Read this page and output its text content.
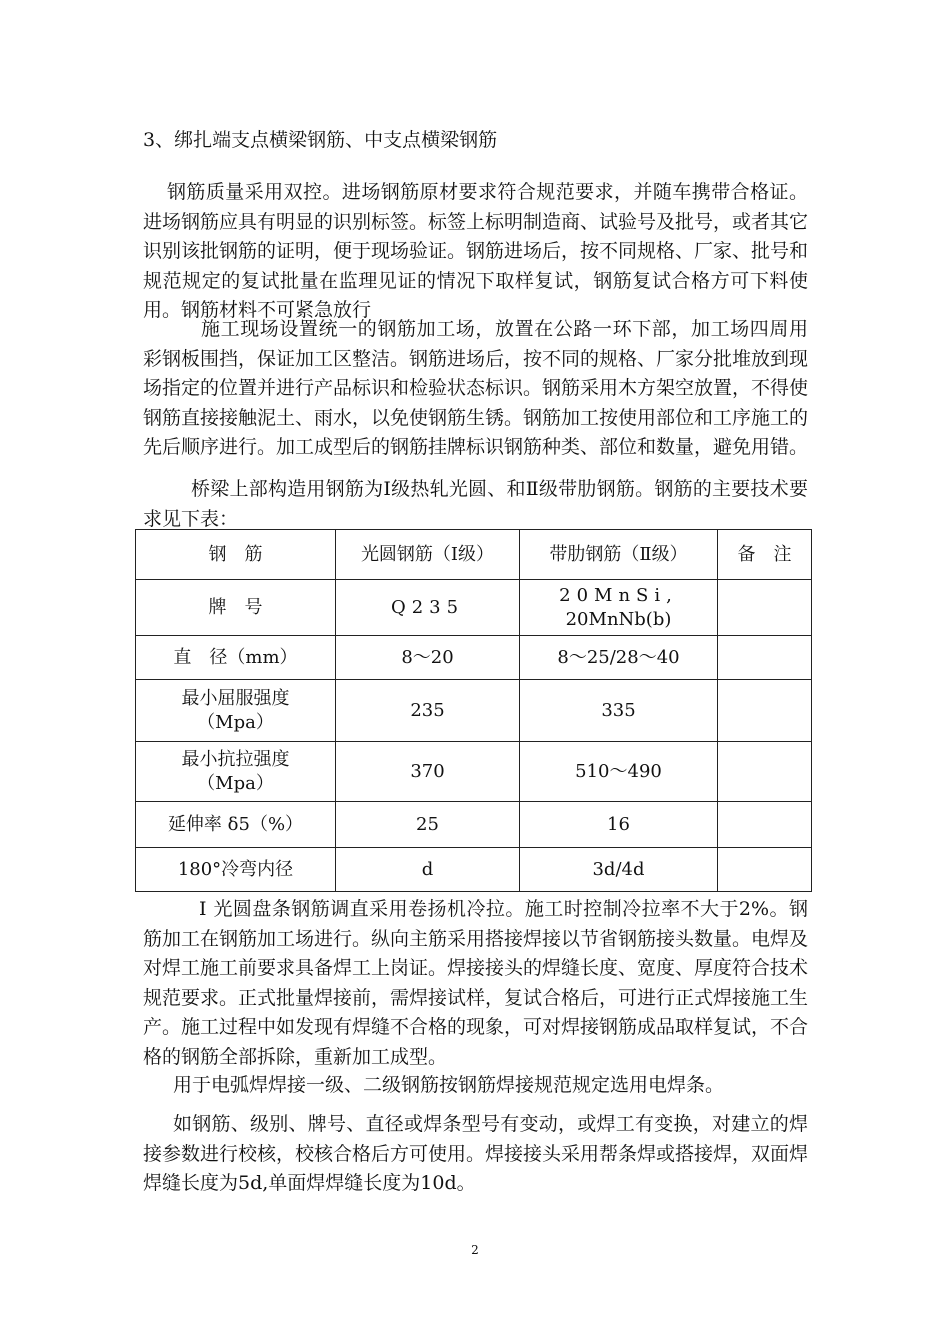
3、绑扎端支点横梁钢筋、中支点横梁钢筋

钢筋质量采用双控。进场钢筋原材要求符合规范要求，并随车携带合格证。进场钢筋应具有明显的识别标签。标签上标明制造商、试验号及批号，或者其它识别该批钢筋的证明，便于现场验证。钢筋进场后，按不同规格、厂家、批号和规范规定的复试批量在监理见证的情况下取样复试，钢筋复试合格方可下料使用。钢筋材料不可紧急放行

施工现场设置统一的钢筋加工场，放置在公路一环下部，加工场四周用彩钢板围挡，保证加工区整洁。钢筋进场后，按不同的规格、厂家分批堆放到现场指定的位置并进行产品标识和检验状态标识。钢筋采用木方架空放置，不得使钢筋直接接触泥土、雨水，以免使钢筋生锈。钢筋加工按使用部位和工序施工的先后顺序进行。加工成型后的钢筋挂牌标识钢筋种类、部位和数量，避免用错。

桥梁上部构造用钢筋为Ⅰ级热轧光圆、和Ⅱ级带肋钢筋。钢筋的主要技术要求见下表：

钢　筋	光圆钢筋（Ⅰ级）	带肋钢筋（Ⅱ级）	备　注
牌　号	Q235	20MnSi,
20MnNb(b)	

直　径（mm）	8～20	8～25/28～40	

最小屈服强度
（Mpa）	235	335	

最小抗拉强度
（Mpa）	370	510～490	
延伸率 δ5（%）	25	16	
180°冷弯内径	d	3d/4d	

Ⅰ 光圆盘条钢筋调直采用卷扬机冷拉。施工时控制冷拉率不大于2%。钢筋加工在钢筋加工场进行。纵向主筋采用搭接焊接以节省钢筋接头数量。电焊及对焊工施工前要求具备焊工上岗证。焊接接头的焊缝长度、宽度、厚度符合技术规范要求。正式批量焊接前，需焊接试样，复试合格后，可进行正式焊接施工生产。施工过程中如发现有焊缝不合格的现象，可对焊接钢筋成品取样复试，不合格的钢筋全部拆除，重新加工成型。

用于电弧焊焊接一级、二级钢筋按钢筋焊接规范规定选用电焊条。

如钢筋、级别、牌号、直径或焊条型号有变动，或焊工有变换，对建立的焊接参数进行校核，校核合格后方可使用。焊接接头采用帮条焊或搭接焊，双面焊焊缝长度为5d,单面焊焊缝长度为10d。

2
